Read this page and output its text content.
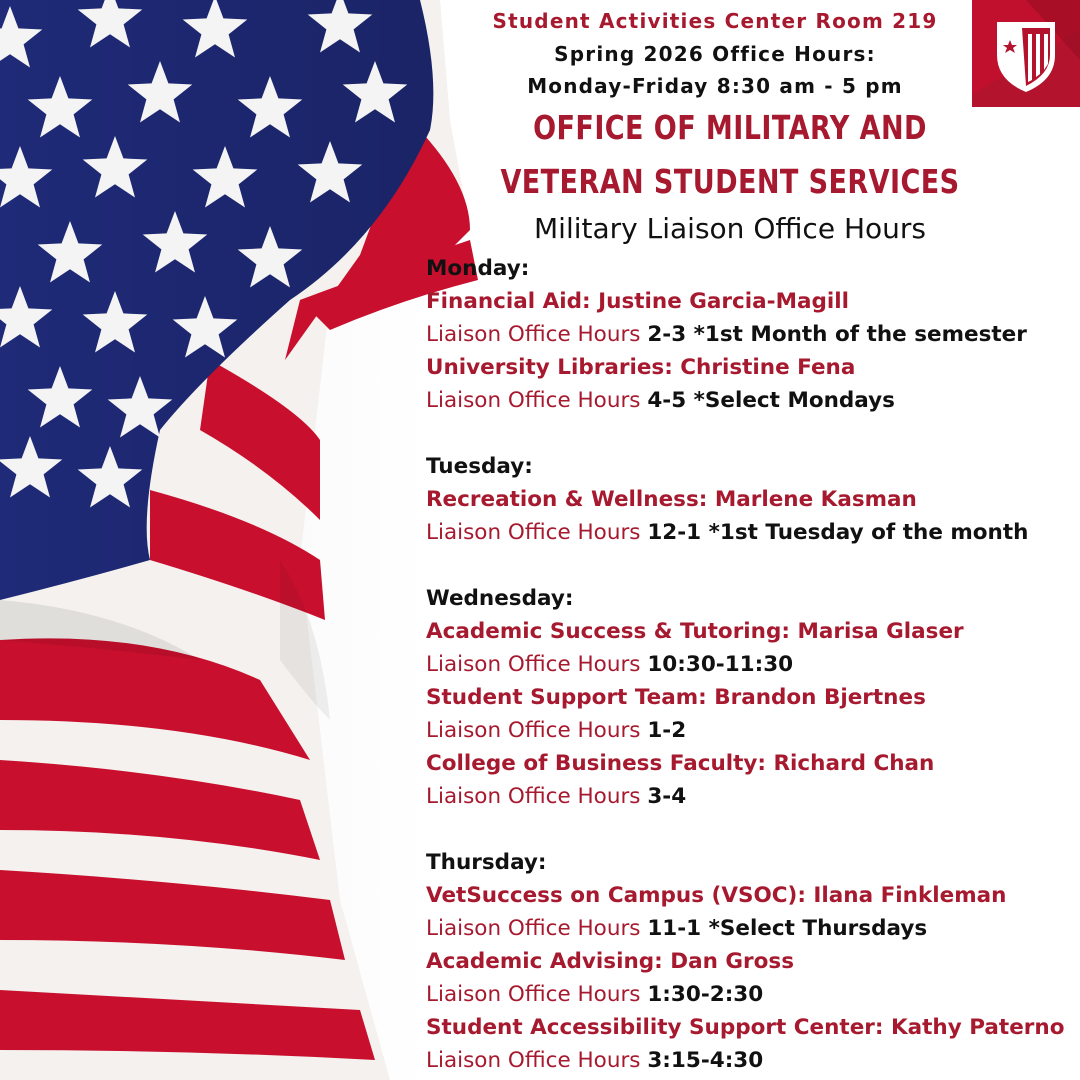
Student Activities Center Room 219
Spring 2026 Office Hours:
Monday-Friday 8:30 am - 5 pm
OFFICE OF MILITARY AND
VETERAN STUDENT SERVICES
Military Liaison Office Hours
Monday:
Financial Aid: Justine Garcia-Magill
Liaison Office Hours 2-3 *1st Month of the semester
University Libraries: Christine Fena
Liaison Office Hours 4-5 *Select Mondays
Tuesday:
Recreation & Wellness: Marlene Kasman
Liaison Office Hours 12-1 *1st Tuesday of the month
Wednesday:
Academic Success & Tutoring: Marisa Glaser
Liaison Office Hours 10:30-11:30
Student Support Team: Brandon Bjertnes
Liaison Office Hours 1-2
College of Business Faculty: Richard Chan
Liaison Office Hours 3-4
Thursday:
VetSuccess on Campus (VSOC): Ilana Finkleman
Liaison Office Hours 11-1 *Select Thursdays
Academic Advising: Dan Gross
Liaison Office Hours 1:30-2:30
Student Accessibility Support Center: Kathy Paterno
Liaison Office Hours 3:15-4:30
